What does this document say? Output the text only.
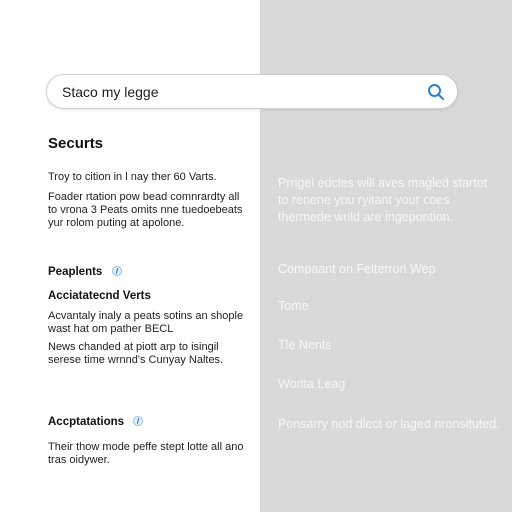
Prrigel edcles will aves magled startet to renene you ryitant your coes thermede wrild are ingepontion.
Compaant on Felterron Wep
Tome
Tle Nents
Worlta Leag
Ponsarry nod dlect or laged nronsituted.
Staco my legge
Securts
Troy to cition in l nay ther 60 Varts.
Foader rtation pow bead comnrardty all to vrona 3 Peats omits nne tuedoebeats yur rolom puting at apolone.
Peaplents
Acciatatecnd Verts
Acvantaly inaly a peats sotins an shople wast hat om pather BECL
News chanded at piott arp to isingil serese time wrnnd's Cunyay Naltes.
Accptatations
Their thow mode peffe stept lotte all ano tras oidywer.
